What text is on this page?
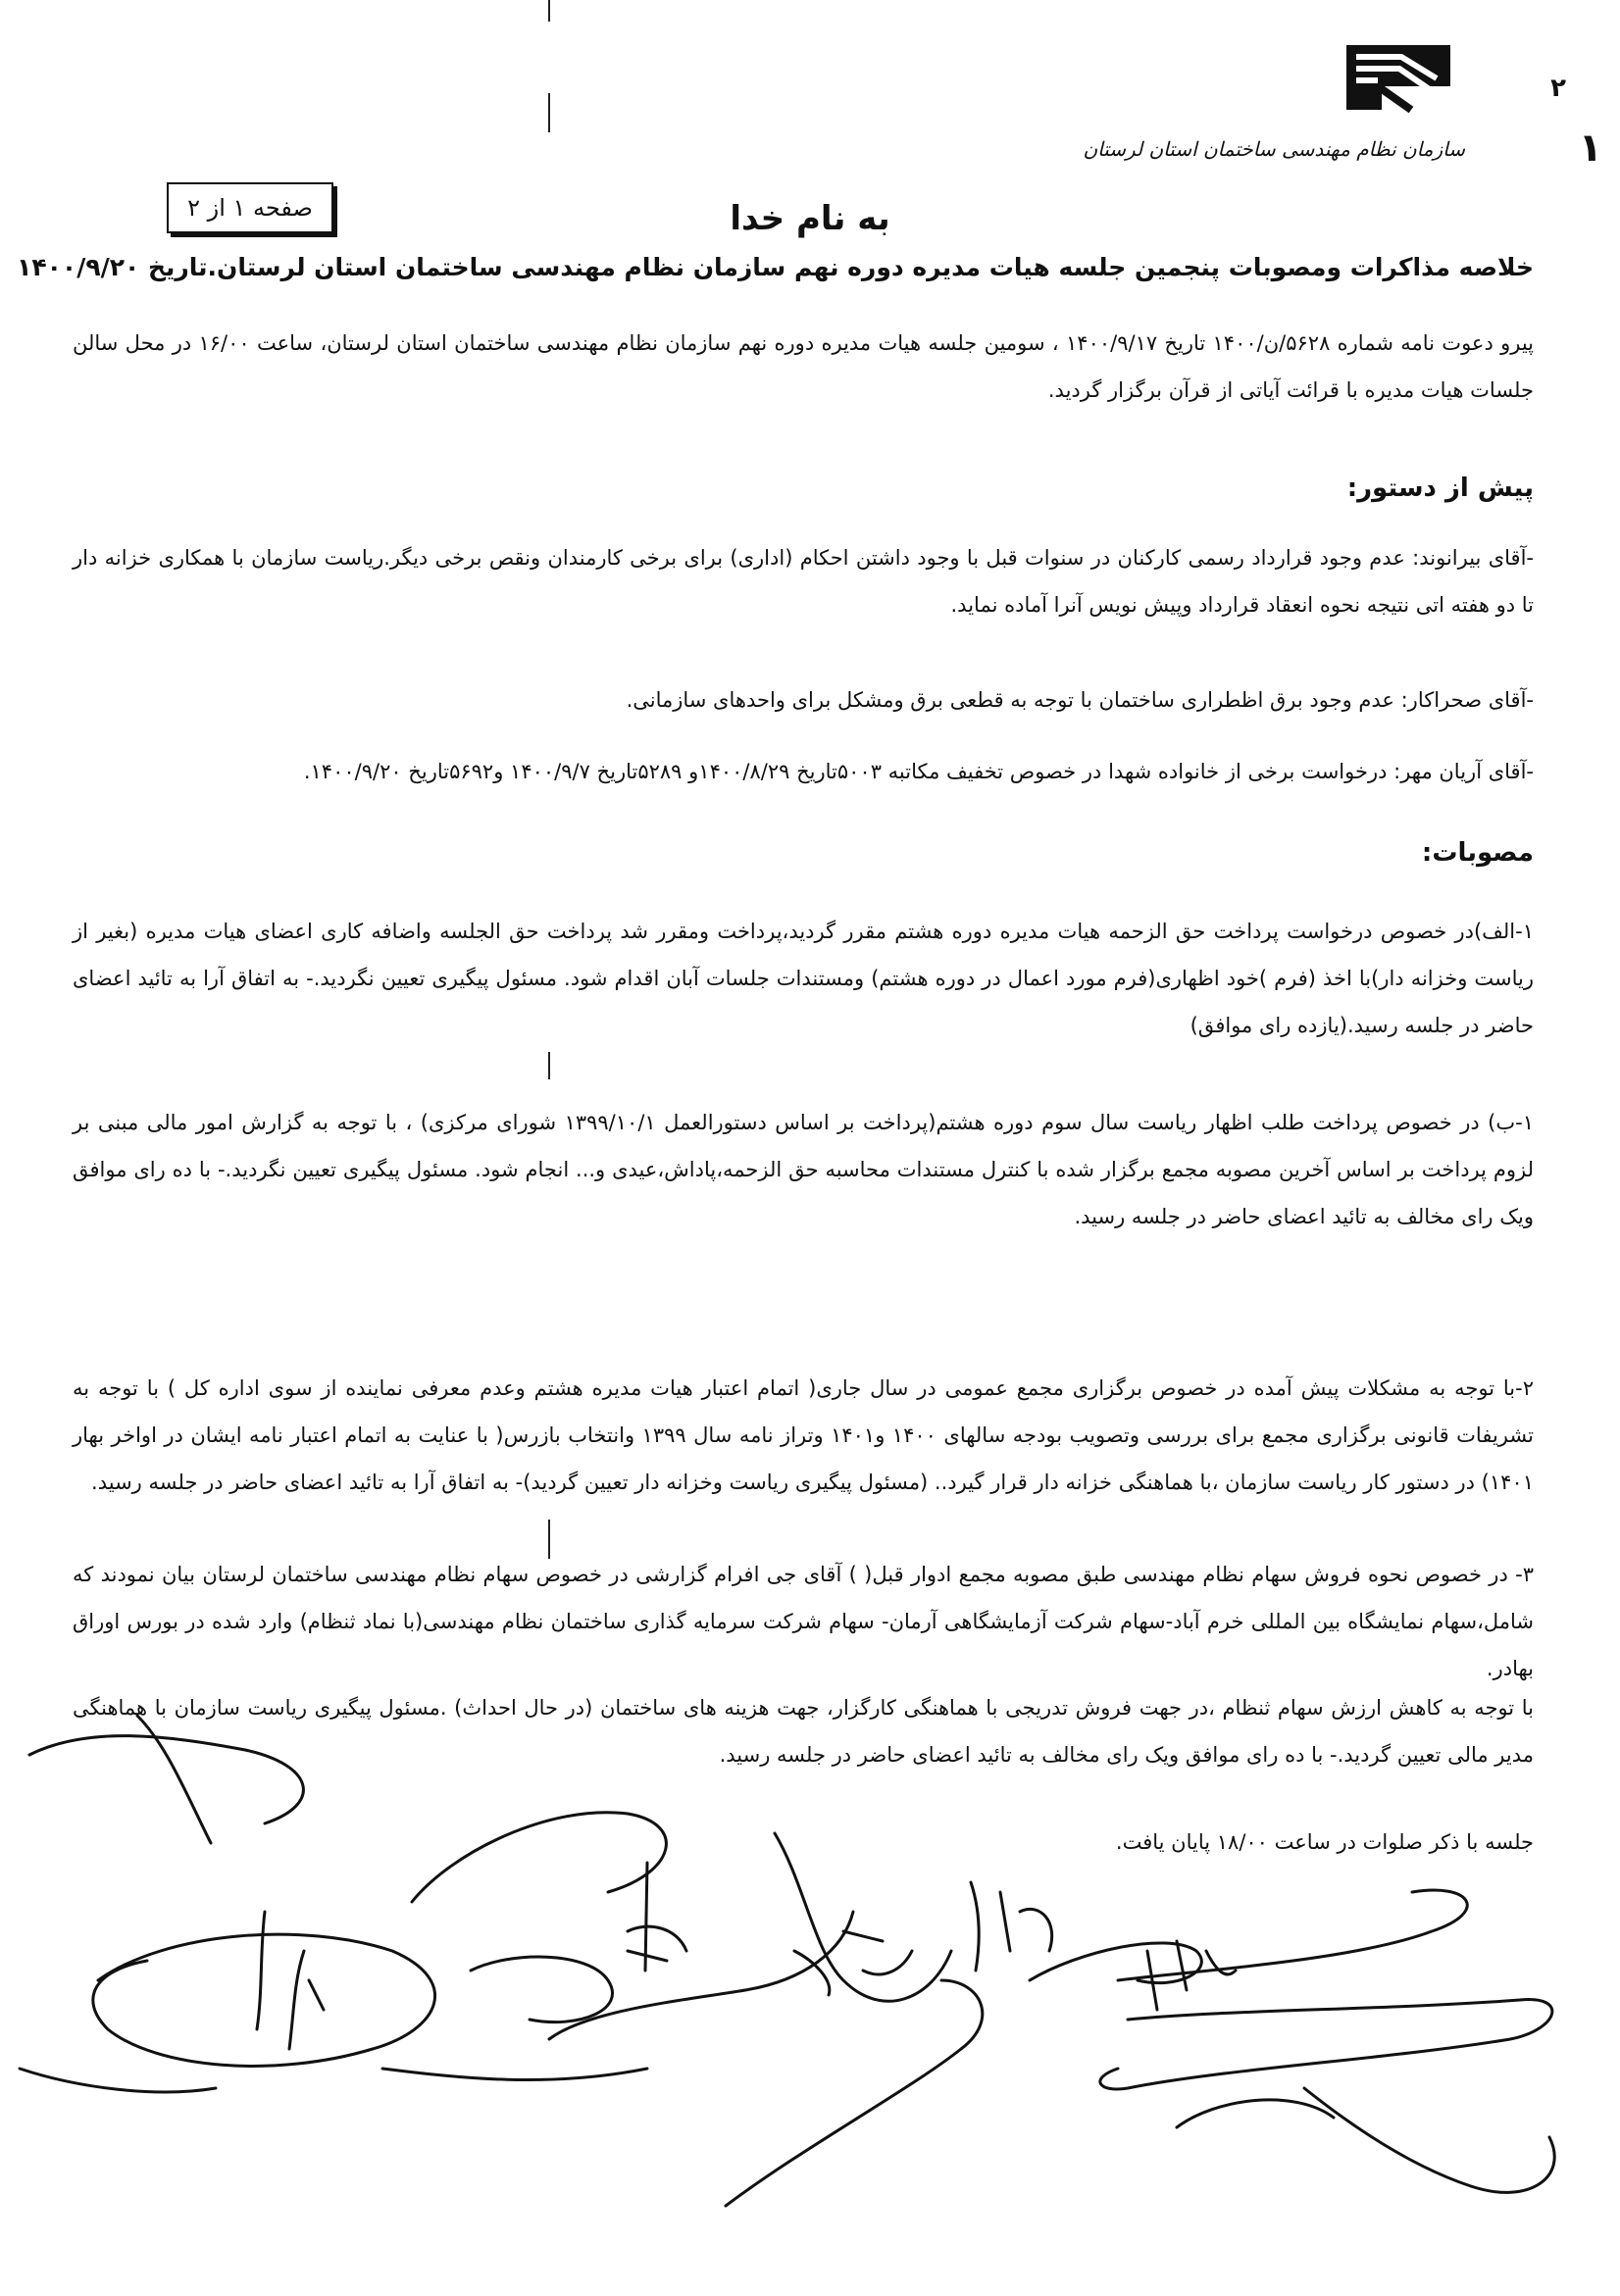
سازمان نظام مهندسی ساختمان استان لرستان
۲
۱
صفحه ۱ از ۲	به نام خدا
خلاصه مذاکرات ومصوبات پنجمین جلسه هیات مدیره دوره نهم سازمان نظام مهندسی ساختمان استان لرستان.تاریخ ۱۴۰۰/۹/۲۰
پیرو دعوت نامه شماره ۵۶۲۸/ن/۱۴۰۰ تاریخ ۱۴۰۰/۹/۱۷ ، سومین جلسه هیات مدیره دوره نهم سازمان نظام مهندسی ساختمان استان لرستان، ساعت ۱۶/۰۰ در محل سالن جلسات هیات مدیره با قرائت آیاتی از قرآن برگزار گردید.
پیش از دستور:
-آقای بیرانوند: عدم وجود قرارداد رسمی کارکنان در سنوات قبل با وجود داشتن احکام (اداری) برای برخی کارمندان ونقص برخی دیگر.ریاست سازمان با همکاری خزانه دار تا دو هفته اتی نتیجه نحوه انعقاد قرارداد وپیش نویس آنرا آماده نماید.
-آقای صحراکار: عدم وجود برق اظطراری ساختمان با توجه به قطعی برق ومشکل برای واحدهای سازمانی.
-آقای آریان مهر: درخواست برخی از خانواده شهدا در خصوص تخفیف مکاتبه ۵۰۰۳تاریخ ۱۴۰۰/۸/۲۹و ۵۲۸۹تاریخ ۱۴۰۰/۹/۷ و۵۶۹۲تاریخ ۱۴۰۰/۹/۲۰.
مصوبات:
۱-الف)در خصوص درخواست پرداخت حق الزحمه هیات مدیره دوره هشتم مقرر گردید،پرداخت ومقرر شد پرداخت حق الجلسه واضافه کاری اعضای هیات مدیره (بغیر از ریاست وخزانه دار)با اخذ (فرم )خود اظهاری(فرم مورد اعمال در دوره هشتم) ومستندات جلسات آبان اقدام شود. مسئول پیگیری تعیین نگردید.- به اتفاق آرا به تائید اعضای حاضر در جلسه رسید.(یازده رای موافق)
۱-ب) در خصوص پرداخت طلب اظهار ریاست سال سوم دوره هشتم(پرداخت بر اساس دستورالعمل ۱۳۹۹/۱۰/۱ شورای مرکزی) ، با توجه به گزارش امور مالی مبنی بر لزوم پرداخت بر اساس آخرین مصوبه مجمع برگزار شده با کنترل مستندات محاسبه حق الزحمه،پاداش،عیدی و... انجام شود. مسئول پیگیری تعیین نگردید.- با ده رای موافق ویک رای مخالف به تائید اعضای حاضر در جلسه رسید.
۲-با توجه به مشکلات پیش آمده در خصوص برگزاری مجمع عمومی در سال جاری( اتمام اعتبار هیات مدیره هشتم وعدم معرفی نماینده از سوی اداره کل ) با توجه به تشریفات قانونی برگزاری مجمع برای بررسی وتصویب بودجه سالهای ۱۴۰۰ و۱۴۰۱ وتراز نامه سال ۱۳۹۹ وانتخاب بازرس( با عنایت به اتمام اعتبار نامه ایشان در اواخر بهار ۱۴۰۱) در دستور کار ریاست سازمان ،با هماهنگی خزانه دار قرار گیرد.. (مسئول پیگیری ریاست وخزانه دار تعیین گردید)- به اتفاق آرا به تائید اعضای حاضر در جلسه رسید.
۳- در خصوص نحوه فروش سهام نظام مهندسی طبق مصوبه مجمع ادوار قبل( ) آقای جی افرام گزارشی در خصوص سهام نظام مهندسی ساختمان لرستان بیان نمودند که شامل،سهام نمایشگاه بین المللی خرم آباد-سهام شرکت آزمایشگاهی آرمان- سهام شرکت سرمایه گذاری ساختمان نظام مهندسی(با نماد ثنظام) وارد شده در بورس اوراق بهادر.
با توجه به کاهش ارزش سهام ثنظام ،در جهت فروش تدریجی با هماهنگی کارگزار، جهت هزینه های ساختمان (در حال احداث) .مسئول پیگیری ریاست سازمان با هماهنگی مدیر مالی تعیین گردید.- با ده رای موافق ویک رای مخالف به تائید اعضای حاضر در جلسه رسید.
جلسه با ذکر صلوات در ساعت ۱۸/۰۰ پایان یافت.
